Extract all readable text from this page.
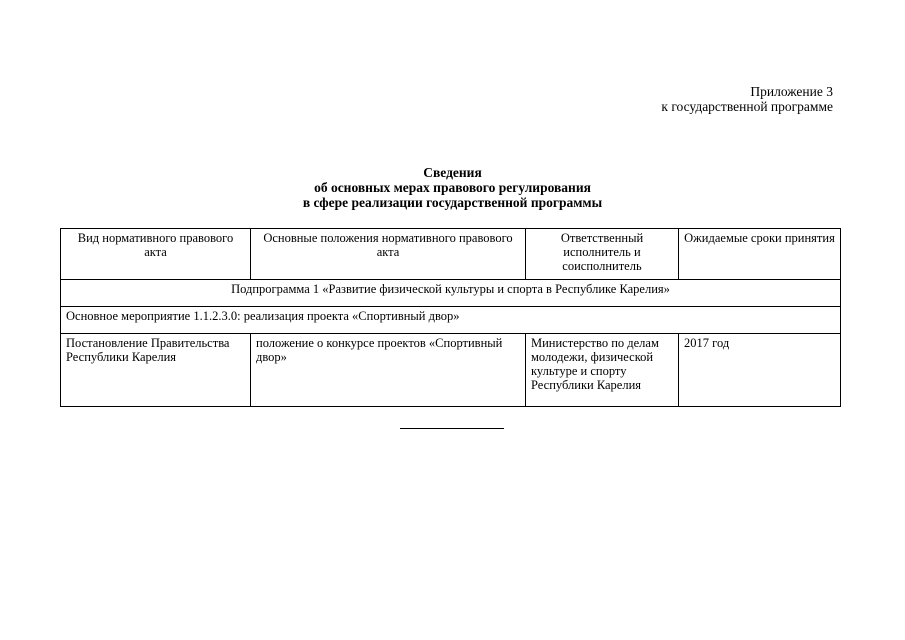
Приложение 3
к государственной программе
Сведения
об основных мерах правового регулирования
в сфере реализации государственной программы
Вид нормативного правового акта	Основные положения нормативного правового акта	Ответственный исполнитель и соисполнитель	Ожидаемые сроки принятия
Подпрограмма 1 «Развитие физической культуры и спорта в Республике Карелия»			
Основное мероприятие 1.1.2.3.0: реализация проекта «Спортивный двор»			
Постановление Правительства Республики Карелия	положение о конкурсе проектов «Спортивный двор»	Министерство по делам молодежи, физической культуре и спорту Республики Карелия	2017 год
